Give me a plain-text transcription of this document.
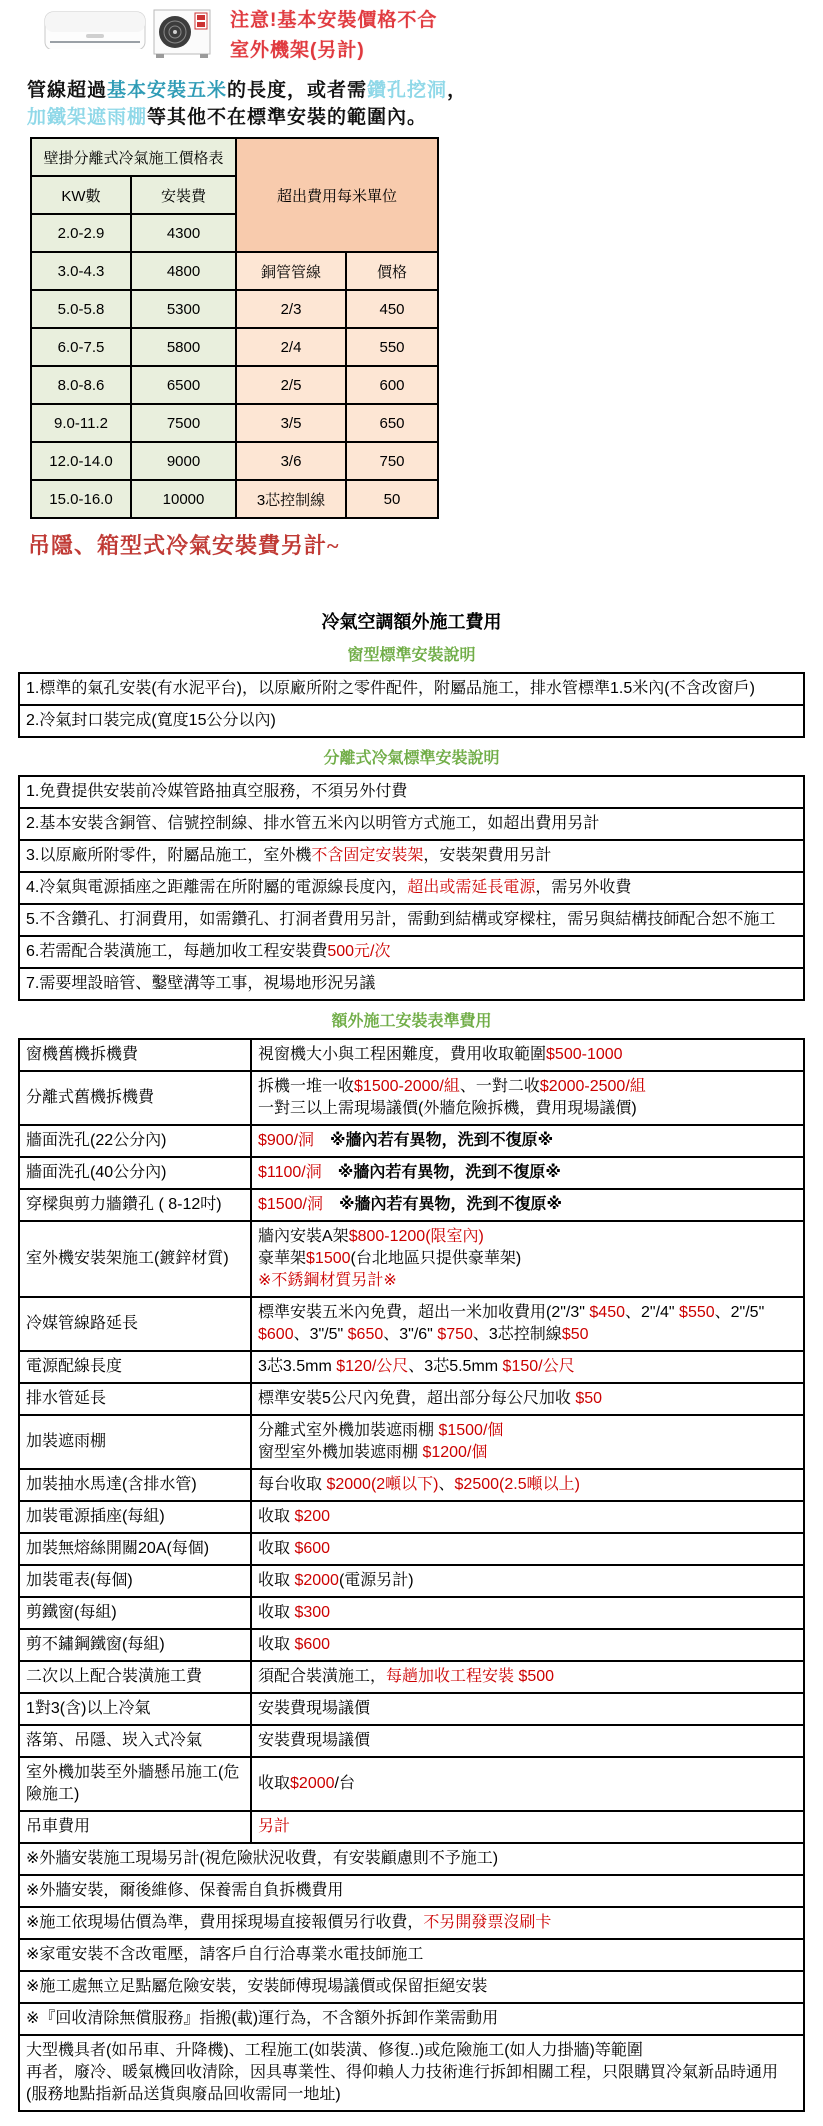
注意!基本安裝價格不合
室外機架(另計)
管線超過基本安裝五米的長度，或者需鑽孔挖洞，
加鐵架遮雨棚等其他不在標準安裝的範圍內。
壁掛分離式冷氣施工價格表		超出費用每米單位	
KW數	安裝費		
2.0-2.9	4300		
3.0-4.3	4800	銅管管線	價格
5.0-5.8	5300	2/3	450
6.0-7.5	5800	2/4	550
8.0-8.6	6500	2/5	600
9.0-11.2	7500	3/5	650
12.0-14.0	9000	3/6	750
15.0-16.0	10000	3芯控制線	50
吊隱、箱型式冷氣安裝費另計~
冷氣空調額外施工費用
窗型標準安裝說明
1.標準的氣孔安裝(有水泥平台)，以原廠所附之零件配件，附屬品施工，排水管標準1.5米內(不含改窗戶)
2.冷氣封口裝完成(寬度15公分以內)
分離式冷氣標準安裝說明
1.免費提供安裝前冷媒管路抽真空服務，不須另外付費
2.基本安裝含銅管、信號控制線、排水管五米內以明管方式施工，如超出費用另計
3.以原廠所附零件，附屬品施工，室外機不含固定安裝架，安裝架費用另計
4.冷氣與電源插座之距離需在所附屬的電源線長度內，超出或需延長電源，需另外收費
5.不含鑽孔、打洞費用，如需鑽孔、打洞者費用另計，需動到結構或穿樑柱，需另與結構技師配合恕不施工
6.若需配合裝潢施工，每趟加收工程安裝費500元/次
7.需要埋設暗管、鑿壁溝等工事，視場地形況另議
額外施工安裝表準費用
窗機舊機拆機費	視窗機大小與工程困難度，費用收取範圍$500-1000

分離式舊機拆機費	拆機一堆一收$1500-2000/組、一對二收$2000-2500/組
一對三以上需現場議價(外牆危險拆機，費用現場議價)

牆面洗孔(22公分內)	$900/洞　※牆內若有異物，洗到不復原※

牆面洗孔(40公分內)	$1100/洞　※牆內若有異物，洗到不復原※

穿樑與剪力牆鑽孔 ( 8-12吋)	$1500/洞　※牆內若有異物，洗到不復原※

室外機安裝架施工(鍍鋅材質)	牆內安裝A架$800-1200(限室內)
豪華架$1500(台北地區只提供豪華架)
※不銹鋼材質另計※

冷媒管線路延長	標準安裝五米內免費，超出一米加收費用(2"/3" $450、2"/4" $550、2"/5" $600、3"/5" $650、3"/6" $750、3芯控制線$50

電源配線長度	3芯3.5mm $120/公尺、3芯5.5mm $150/公尺

排水管延長	標準安裝5公尺內免費，超出部分每公尺加收 $50

加裝遮雨棚	分離式室外機加裝遮雨棚 $1500/個
窗型室外機加裝遮雨棚 $1200/個

加裝抽水馬達(含排水管)	每台收取 $2000(2噸以下)、$2500(2.5噸以上)

加裝電源插座(每組)	收取 $200

加裝無熔絲開關20A(每個)	收取 $600

加裝電表(每個)	收取 $2000(電源另計)

剪鐵窗(每組)	收取 $300

剪不鏽鋼鐵窗(每組)	收取 $600

二次以上配合裝潢施工費	須配合裝潢施工，每趟加收工程安裝 $500

1對3(含)以上冷氣	安裝費現場議價

落第、吊隱、崁入式冷氣	安裝費現場議價

室外機加裝至外牆懸吊施工(危險施工)	收取$2000/台

吊車費用	另計

※外牆安裝施工現場另計(視危險狀況收費，有安裝顧慮則不予施工)	
※外牆安裝，爾後維修、保養需自負拆機費用	
※施工依現場估價為準，費用採現場直接報價另行收費，不另開發票沒刷卡	
※家電安裝不含改電壓，請客戶自行洽專業水電技師施工	
※施工處無立足點屬危險安裝，安裝師傅現場議價或保留拒絕安裝	
※『回收清除無償服務』指搬(載)運行為，不含額外拆卸作業需動用	

大型機具者(如吊車、升降機)、工程施工(如裝潢、修復..)或危險施工(如人力掛牆)等範圍
再者，廢冷、暖氣機回收清除，因具專業性、得仰賴人力技術進行拆卸相關工程，只限購買冷氣新品時通用
(服務地點指新品送貨與廢品回收需同一地址)	
